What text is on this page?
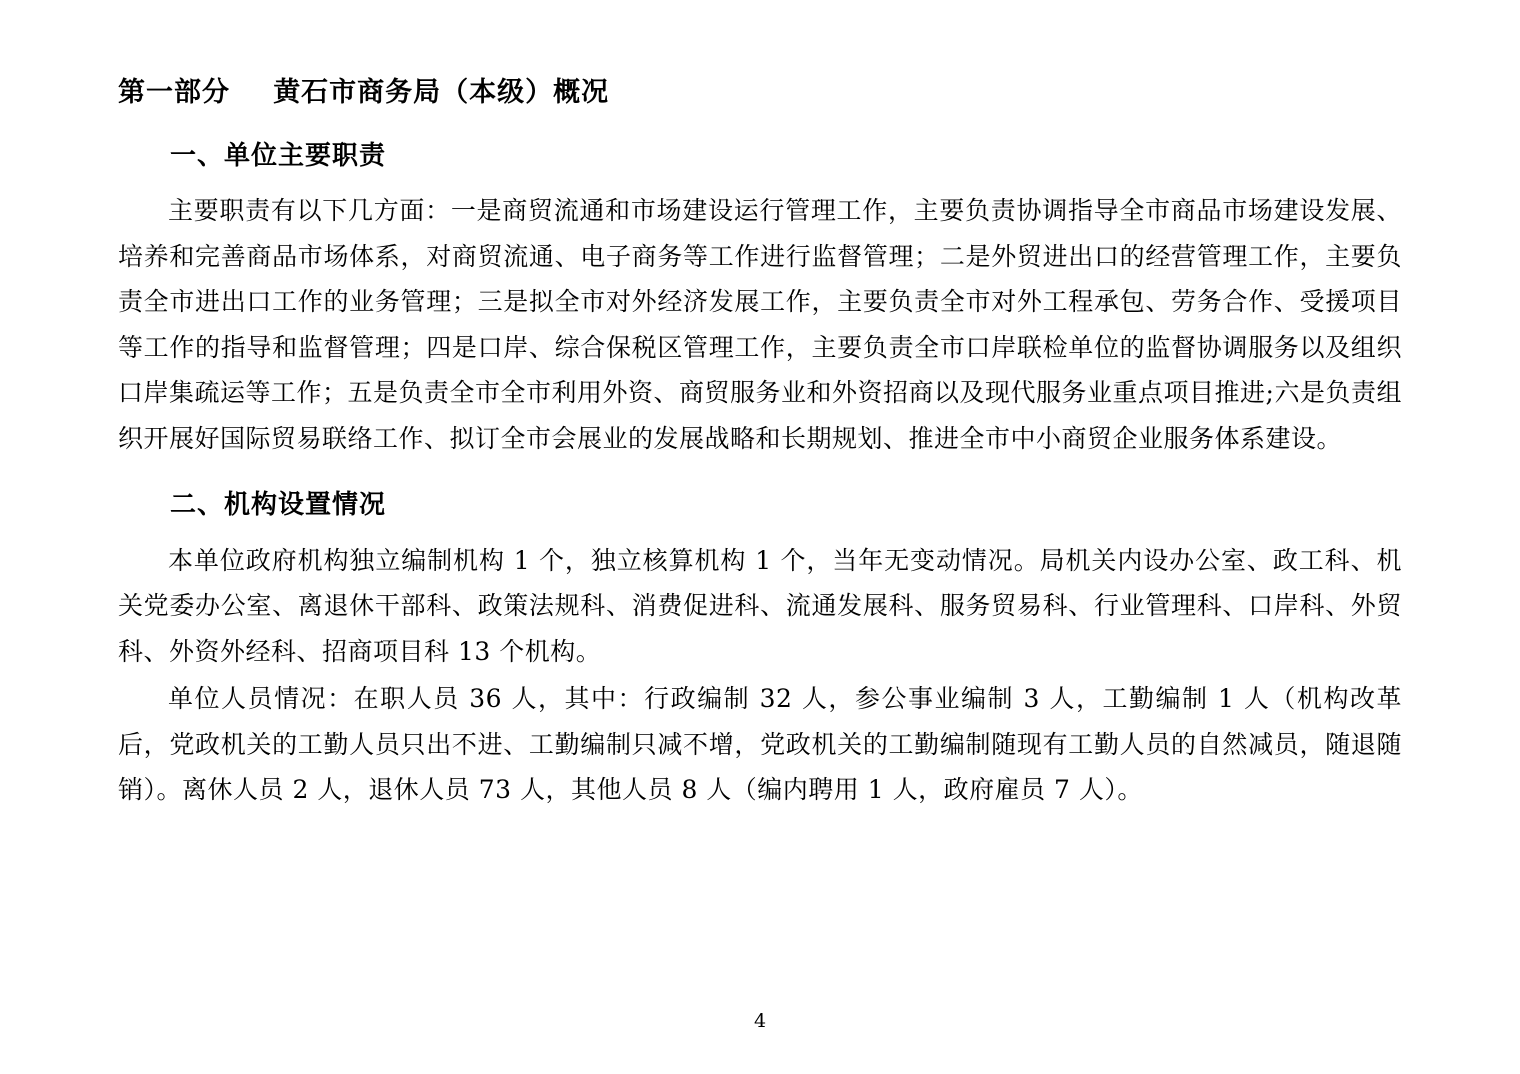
第一部分 黄石市商务局（本级）概况
一、单位主要职责

主要职责有以下几方面：一是商贸流通和市场建设运行管理工作，主要负责协调指导全市商品市场建设发展、培养和完善商品市场体系，对商贸流通、电子商务等工作进行监督管理；二是外贸进出口的经营管理工作，主要负责全市进出口工作的业务管理；三是拟全市对外经济发展工作，主要负责全市对外工程承包、劳务合作、受援项目等工作的指导和监督管理；四是口岸、综合保税区管理工作，主要负责全市口岸联检单位的监督协调服务以及组织口岸集疏运等工作；五是负责全市全市利用外资、商贸服务业和外资招商以及现代服务业重点项目推进;六是负责组织开展好国际贸易联络工作、拟订全市会展业的发展战略和长期规划、推进全市中小商贸企业服务体系建设。

二、机构设置情况

本单位政府机构独立编制机构 1 个，独立核算机构 1 个，当年无变动情况。局机关内设办公室、政工科、机关党委办公室、离退休干部科、政策法规科、消费促进科、流通发展科、服务贸易科、行业管理科、口岸科、外贸科、外资外经科、招商项目科 13 个机构。

单位人员情况：在职人员 36 人，其中：行政编制 32 人，参公事业编制 3 人，工勤编制 1 人（机构改革后，党政机关的工勤人员只出不进、工勤编制只减不增，党政机关的工勤编制随现有工勤人员的自然减员，随退随销）。离休人员 2 人，退休人员 73 人，其他人员 8 人（编内聘用 1 人，政府雇员 7 人）。

4
